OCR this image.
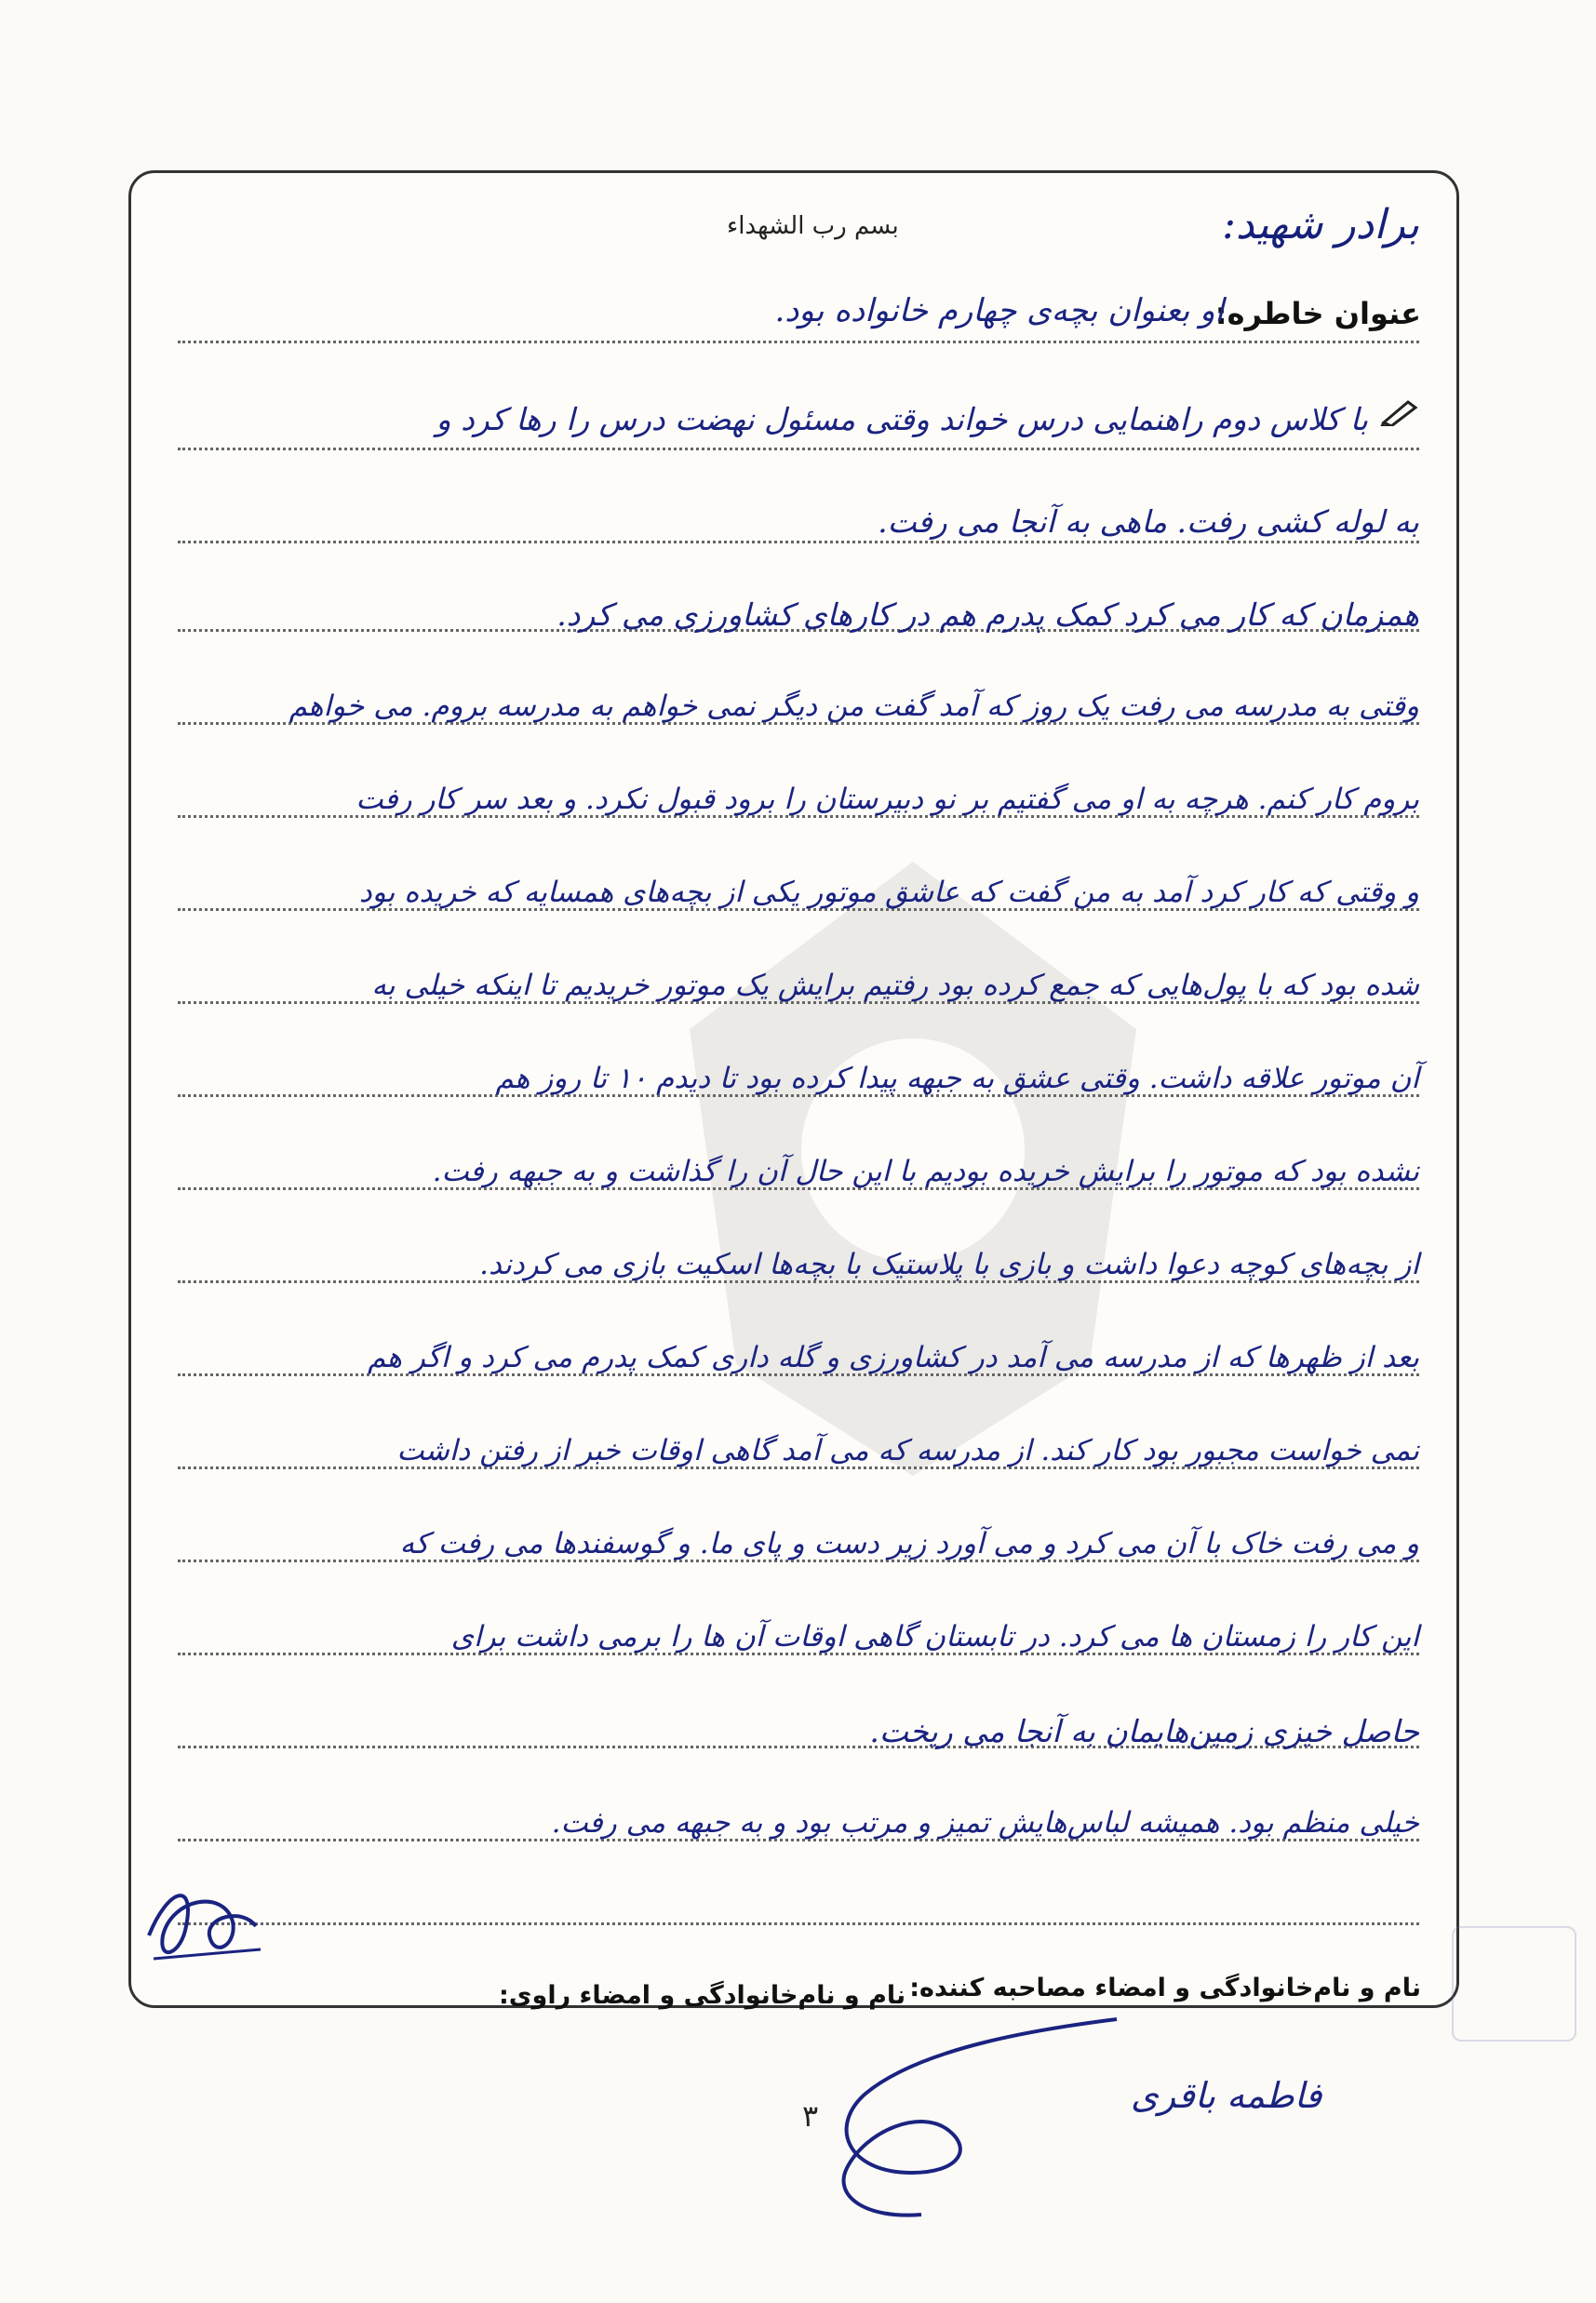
برادر شهید:
بسم رب الشهداء
عنوان خاطره:
او بعنوان بچه‌ی چهارم خانواده بود.
با کلاس دوم راهنمایی درس خواند وقتی مسئول نهضت درس را رها کرد و
به لوله کشی رفت. ماهی به آنجا می رفت.
همزمان که کار می کرد کمک پدرم هم در کارهای کشاورزی می کرد.
وقتی به مدرسه می رفت یک روز که آمد گفت من دیگر نمی خواهم به مدرسه بروم. می خواهم
بروم کار کنم. هرچه به او می گفتیم بر نو دبیرستان را برود قبول نکرد. و بعد سر کار رفت
و وقتی که کار کرد آمد به من گفت که عاشق موتور یکی از بچه‌های همسایه که خریده بود
شده بود که با پول‌هایی که جمع کرده بود رفتیم برایش یک موتور خریدیم تا اینکه خیلی به
آن موتور علاقه داشت. وقتی عشق به جبهه پیدا کرده بود تا دیدم ۱۰ تا روز هم
نشده بود که موتور را برایش خریده بودیم با این حال آن را گذاشت و به جبهه رفت.
از بچه‌های کوچه دعوا داشت و بازی با پلاستیک با بچه‌ها اسکیت بازی می کردند.
بعد از ظهرها که از مدرسه می آمد در کشاورزی و گله داری کمک پدرم می کرد و اگر هم
نمی خواست مجبور بود کار کند. از مدرسه که می آمد گاهی اوقات خبر از رفتن داشت
و می رفت خاک با آن می کرد و می آورد زیر دست و پای ما. و گوسفندها می رفت که
این کار را زمستان ها می کرد. در تابستان گاهی اوقات آن ها را برمی داشت برای
حاصل خیزی زمین‌هایمان به آنجا می ریخت.
خیلی منظم بود. همیشه لباس‌هایش تمیز و مرتب بود و به جبهه می رفت.
نام و نام‌خانوادگی و امضاء مصاحبه کننده:
نام و نام‌خانوادگی و امضاء راوی:
فاطمه باقری
۳
